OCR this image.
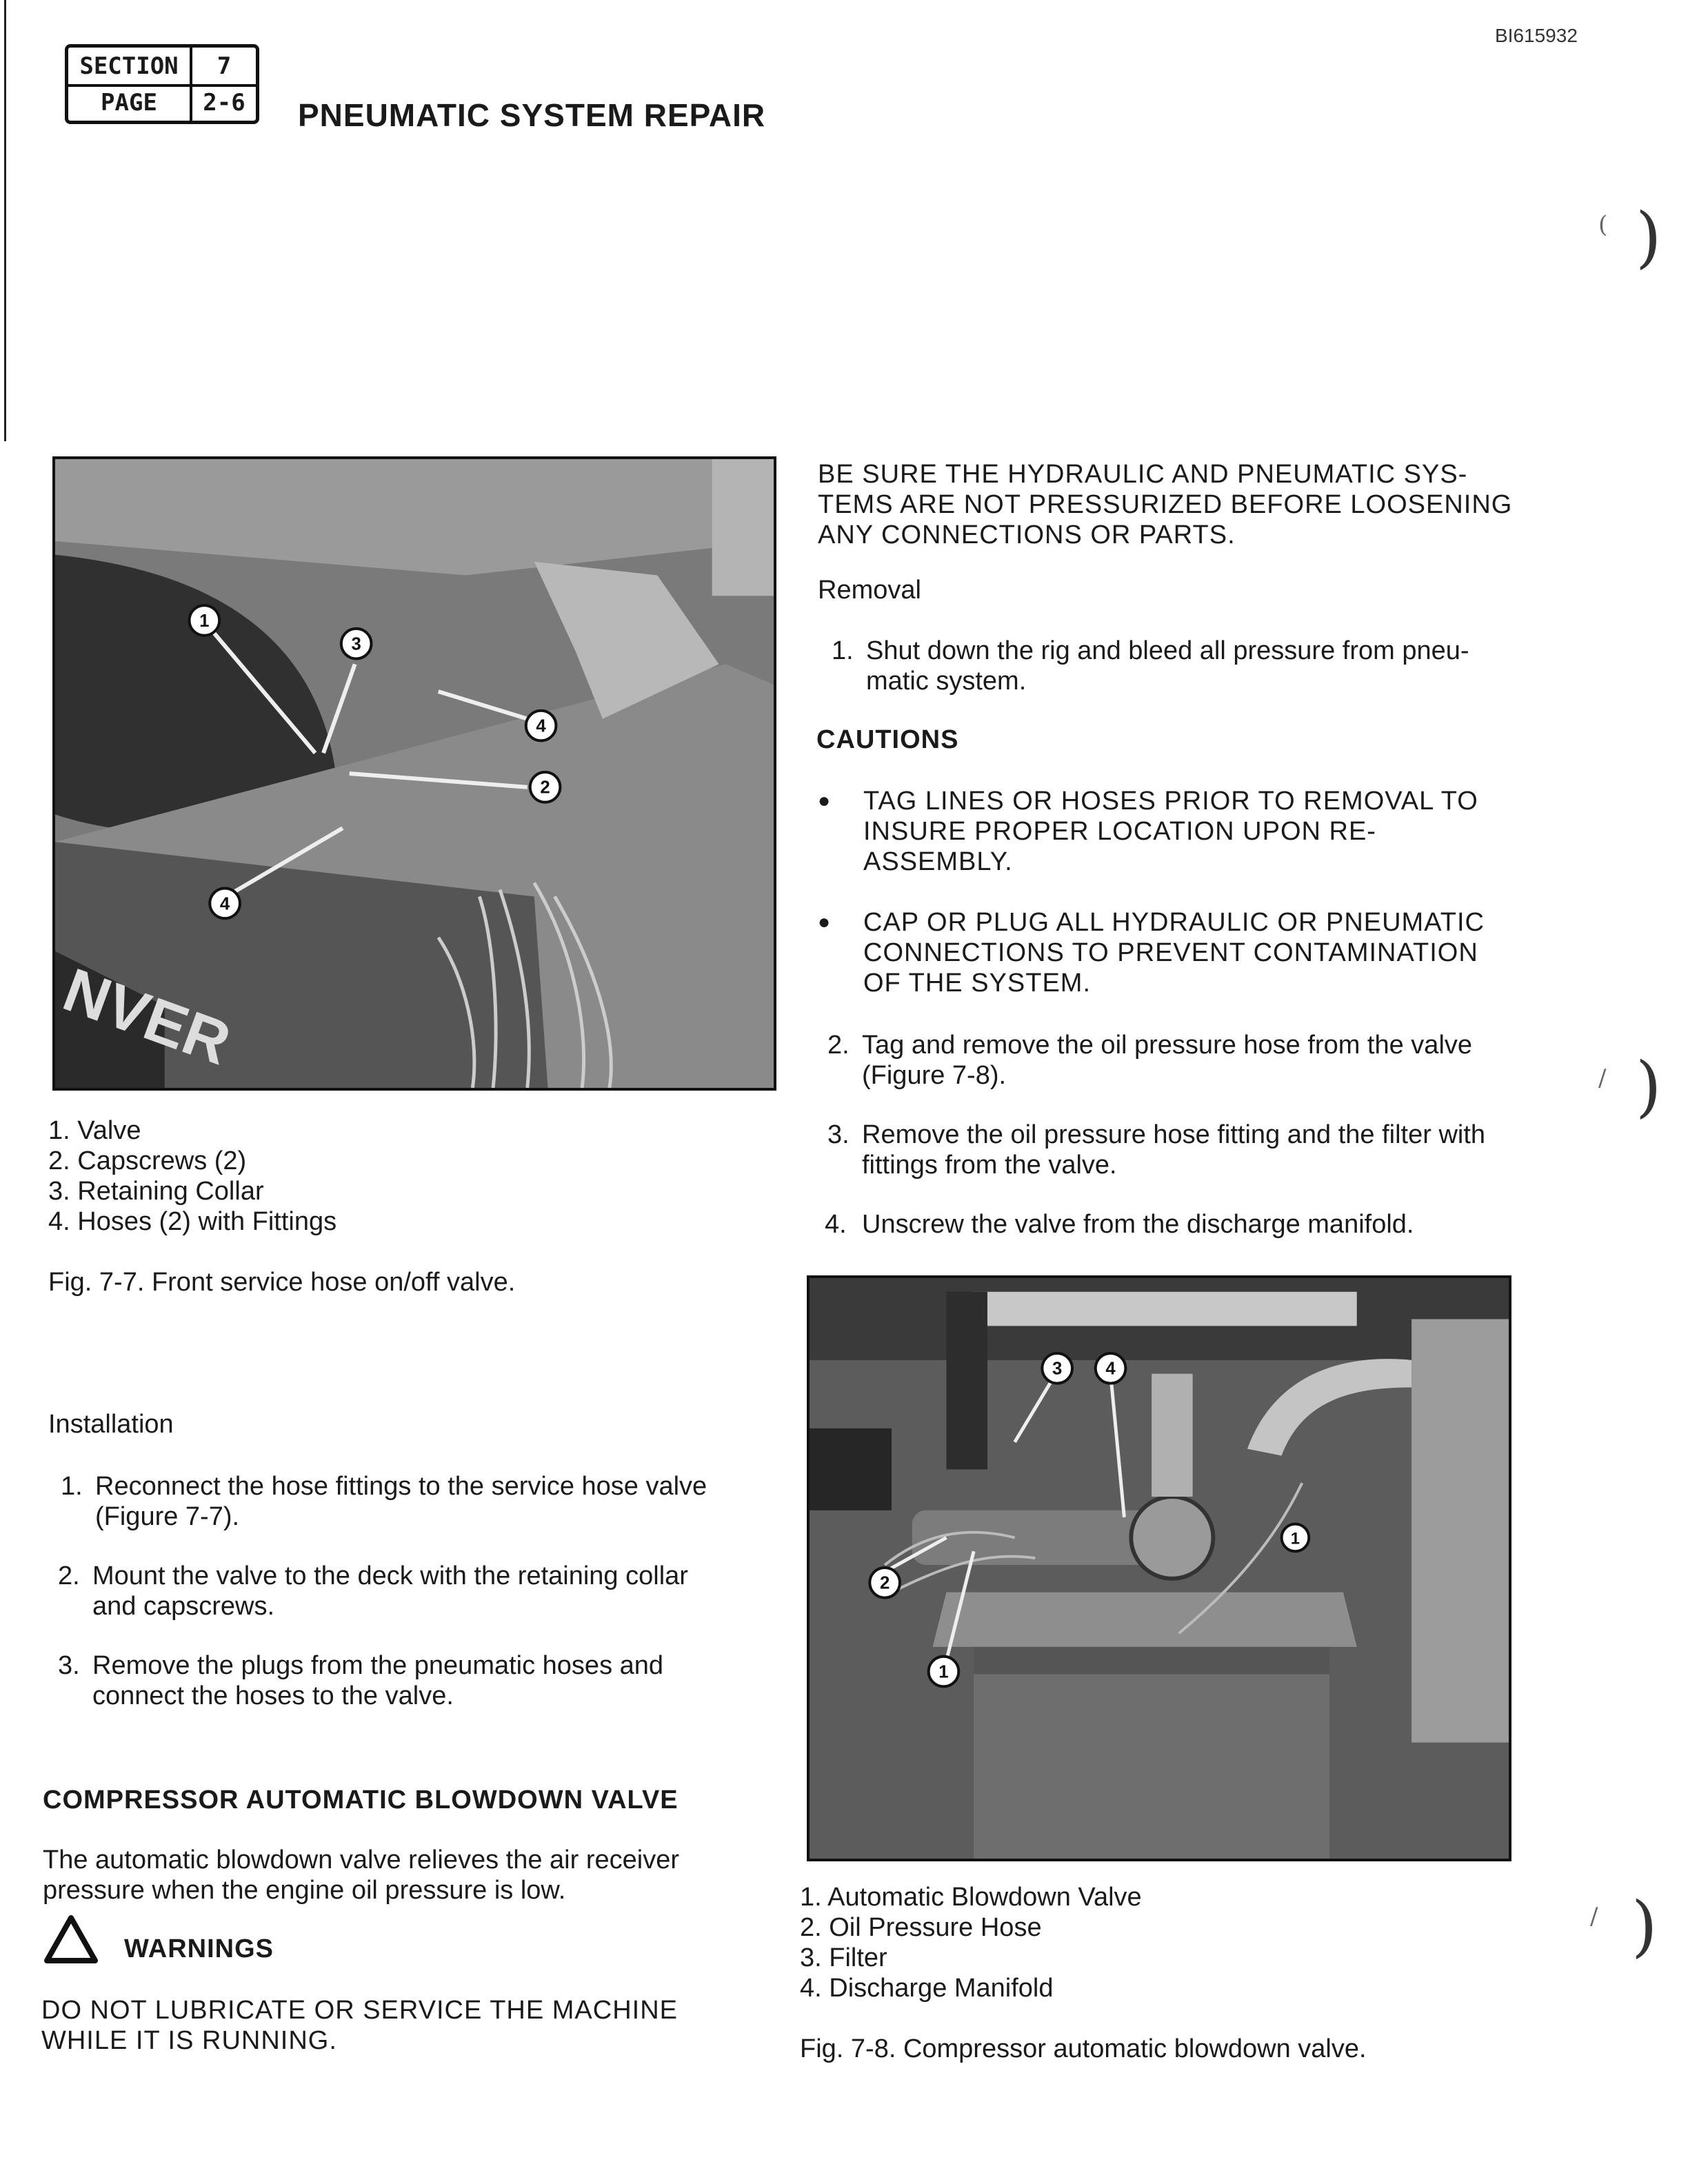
BI615932
SECTION	7
PAGE	2-6	PNEUMATIC SYSTEM REPAIR
( )
/ )
/ )
NVER
1
3
4
2
4
1. Valve
2. Capscrews (2)
3. Retaining Collar
4. Hoses (2) with Fittings
Fig. 7-7. Front service hose on/off valve.
Installation
1. Reconnect the hose fittings to the service hose valve
(Figure 7-7).
2. Mount the valve to the deck with the retaining collar
and capscrews.
3. Remove the plugs from the pneumatic hoses and
connect the hoses to the valve.
COMPRESSOR AUTOMATIC BLOWDOWN VALVE
The automatic blowdown valve relieves the air receiver
pressure when the engine oil pressure is low.
WARNINGS
DO NOT LUBRICATE OR SERVICE THE MACHINE
WHILE IT IS RUNNING.
BE SURE THE HYDRAULIC AND PNEUMATIC SYS-
TEMS ARE NOT PRESSURIZED BEFORE LOOSENING
ANY CONNECTIONS OR PARTS.
Removal
1. Shut down the rig and bleed all pressure from pneu-
matic system.
CAUTIONS
● TAG LINES OR HOSES PRIOR TO REMOVAL TO
INSURE PROPER LOCATION UPON RE-
ASSEMBLY.
● CAP OR PLUG ALL HYDRAULIC OR PNEUMATIC
CONNECTIONS TO PREVENT CONTAMINATION
OF THE SYSTEM.
2. Tag and remove the oil pressure hose from the valve
(Figure 7-8).
3. Remove the oil pressure hose fitting and the filter with
fittings from the valve.
4. Unscrew the valve from the discharge manifold.
3 4
2
1
1
1. Automatic Blowdown Valve
2. Oil Pressure Hose
3. Filter
4. Discharge Manifold
Fig. 7-8. Compressor automatic blowdown valve.
